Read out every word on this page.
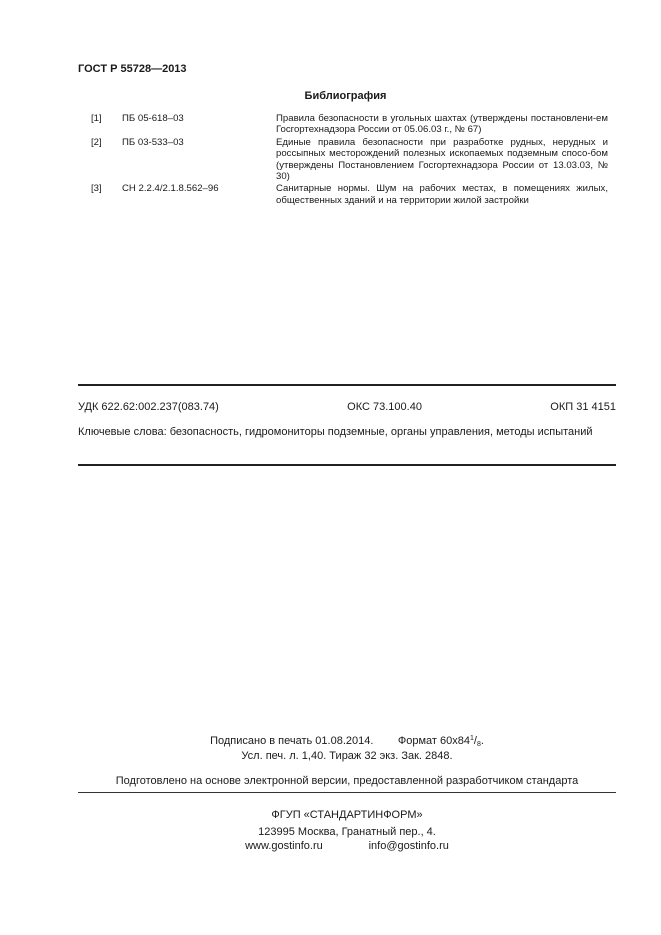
ГОСТ Р 55728—2013
Библиография
[1]	ПБ 05-618–03	Правила безопасности в угольных шахтах (утверждены постановлени-ем Госгортехнадзора России от 05.06.03 г., № 67)
[2]	ПБ 03-533–03	Единые правила безопасности при разработке рудных, нерудных и россыпных месторождений полезных ископаемых подземным спосо-бом (утверждены Постановлением Госгортехнадзора России от 13.03.03, № 30)
[3]	СН 2.2.4/2.1.8.562–96	Санитарные нормы. Шум на рабочих местах, в помещениях жилых, общественных зданий и на территории жилой застройки
УДК 622.62:002.237(083.74)	ОКС 73.100.40	ОКП 31 4151
Ключевые слова: безопасность, гидромониторы подземные, органы управления, методы испытаний
Подписано в печать 01.08.2014. Формат $60х84^1/_8$.
Усл. печ. л. 1,40. Тираж 32 экз. Зак. 2848.
Подготовлено на основе электронной версии, предоставленной разработчиком стандарта
ФГУП «СТАНДАРТИНФОРМ»
123995 Москва, Гранатный пер., 4.
www.gostinfo.ru	info@gostinfo.ru
